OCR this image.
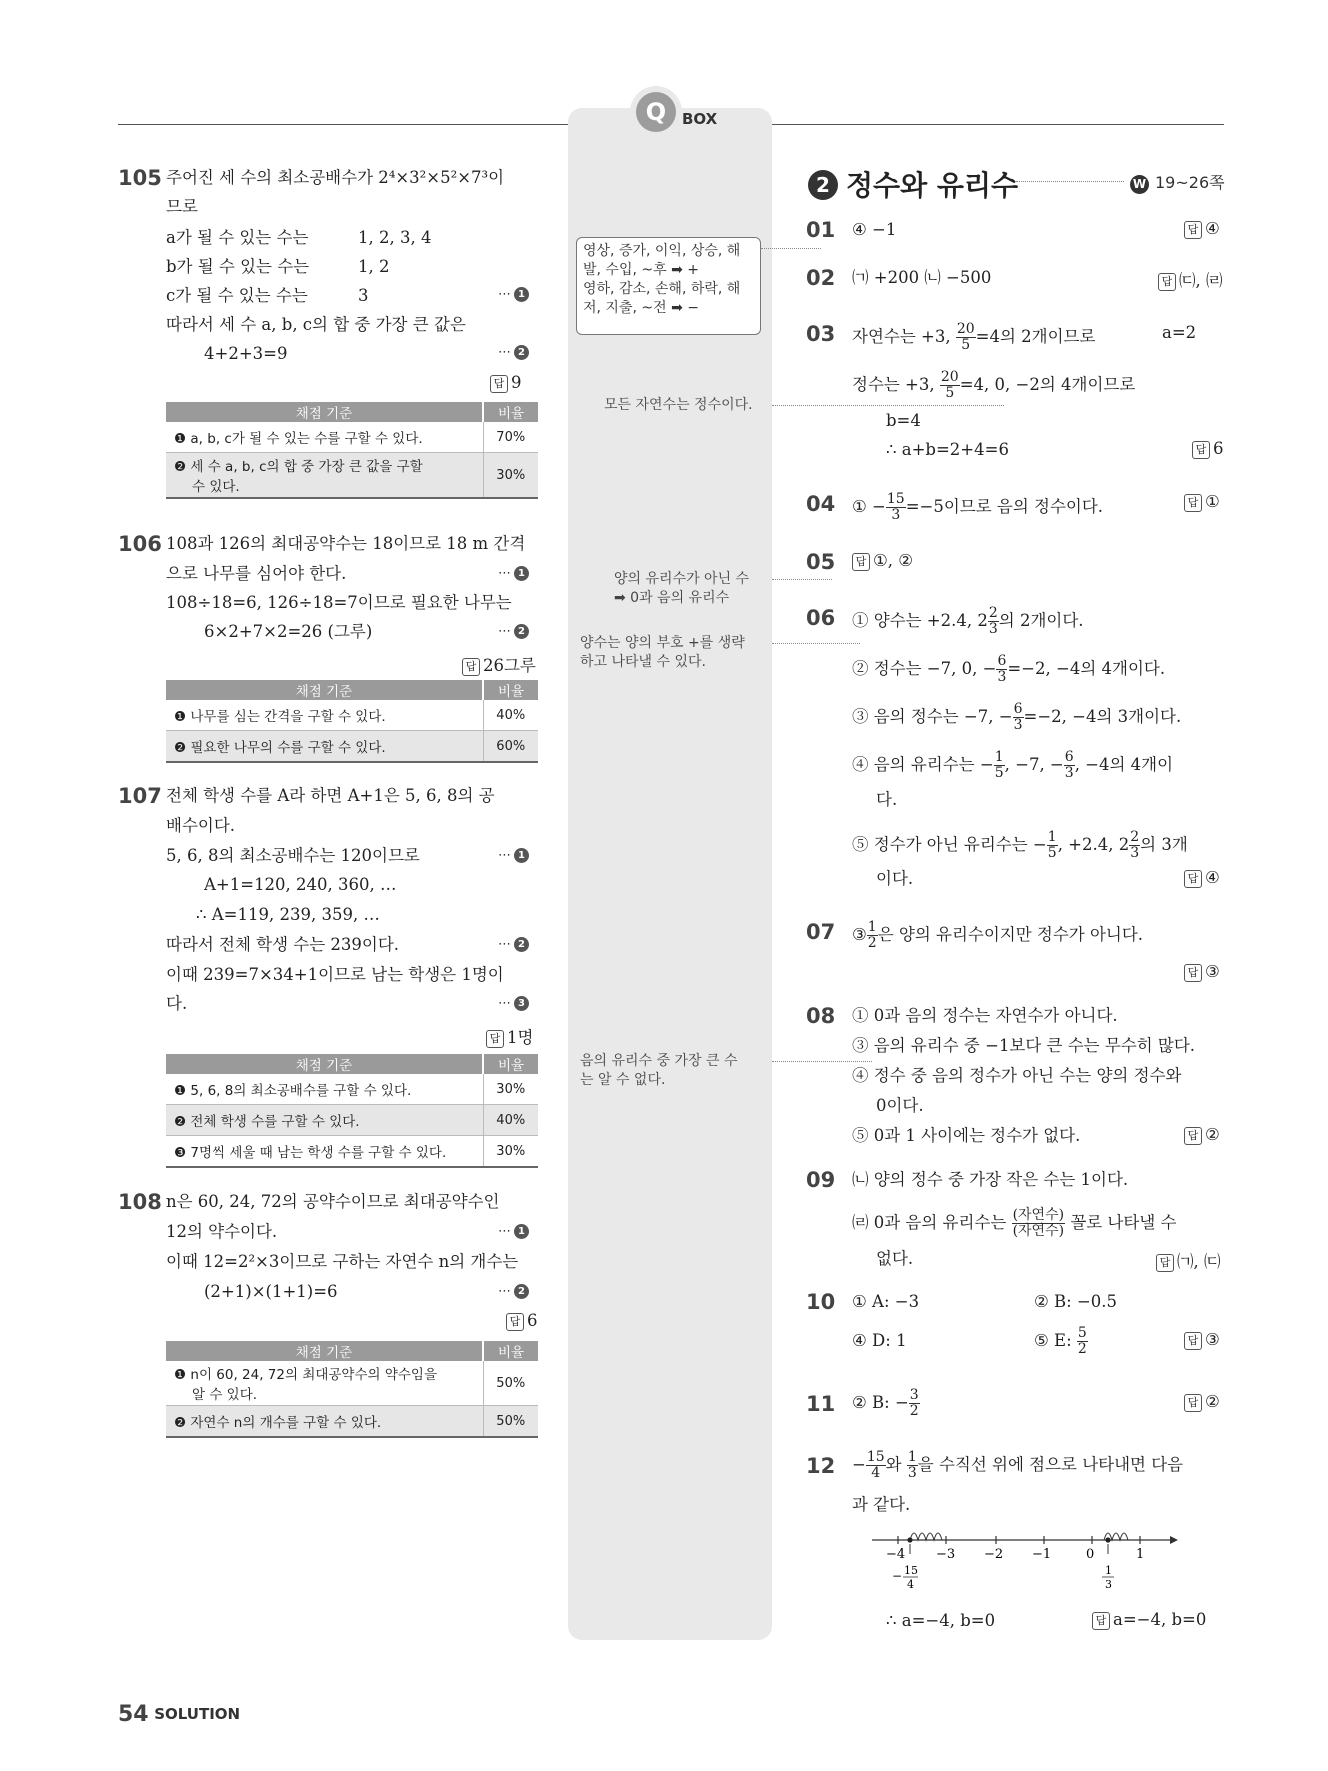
Q	BOX
105 주어진 세 수의 최소공배수가 2⁴×3²×5²×7³이
므로
a가 될 수 있는 수는	1, 2, 3, 4
b가 될 수 있는 수는	1, 2
c가 될 수 있는 수는	3	⋯ 1
따라서 세 수 a, b, c의 합 중 가장 큰 값은
4+2+3=9	⋯ 2
답 9
채점 기준	비율
❶ a, b, c가 될 수 있는 수를 구할 수 있다.	70%
❷ 세 수 a, b, c의 합 중 가장 큰 값을 구할
수 있다.	30%
106 108과 126의 최대공약수는 18이므로 18 m 간격
으로 나무를 심어야 한다.	⋯ 1
108÷18=6, 126÷18=7이므로 필요한 나무는
6×2+7×2=26 (그루)	⋯ 2
답 26그루
채점 기준	비율
❶ 나무를 심는 간격을 구할 수 있다.	40%
❷ 필요한 나무의 수를 구할 수 있다.	60%
107 전체 학생 수를 A라 하면 A+1은 5, 6, 8의 공
배수이다.
5, 6, 8의 최소공배수는 120이므로	⋯ 1
A+1=120, 240, 360, …
∴ A=119, 239, 359, …
따라서 전체 학생 수는 239이다.	⋯ 2
이때 239=7×34+1이므로 남는 학생은 1명이
다.	⋯ 3
답 1명
채점 기준	비율
❶ 5, 6, 8의 최소공배수를 구할 수 있다.	30%
❷ 전체 학생 수를 구할 수 있다.	40%
❸ 7명씩 세울 때 남는 학생 수를 구할 수 있다.	30%
108 n은 60, 24, 72의 공약수이므로 최대공약수인
12의 약수이다.	⋯ 1
이때 12=2²×3이므로 구하는 자연수 n의 개수는
(2+1)×(1+1)=6	⋯ 2
답 6
채점 기준	비율
❶ n이 60, 24, 72의 최대공약수의 약수임을
알 수 있다.	50%
❷ 자연수 n의 개수를 구할 수 있다.	50%
영상, 증가, 이익, 상승, 해
발, 수입, ~후 ➡ +
영하, 감소, 손해, 하락, 해
저, 지출, ~전 ➡ −
모든 자연수는 정수이다.
양의 유리수가 아닌 수
➡ 0과 음의 유리수
양수는 양의 부호 +를 생략
하고 나타낼 수 있다.
음의 유리수 중 가장 큰 수
는 알 수 없다.
2 정수와 유리수	W 19~26쪽
01 ④ −1	답 ④
02 ㈀ +200 ㈁ −500	답 ㈂, ㈃
03 자연수는 +3, $\frac{20}{5} =4$의 2개이므로	a=2
정수는 +3, $\frac{20}{5} =4$, 0, −2의 4개이므로
b=4
∴ a+b=2+4=6	답 6
04 ① − $\frac{15}{3} =-5$이므로 음의 정수이다.	답 ①
05	답 ①, ②
06 ① 양수는 +2.4, $2 \frac{2}{3}$ 의 2개이다.
② 정수는 −7, 0, − $\frac{6}{3} =-2$, −4의 4개이다.
③ 음의 정수는 −7, − $\frac{6}{3} =-2$, −4의 3개이다.
④ 음의 유리수는 − $\frac{1}{5}$ , −7, − $\frac{6}{3}$ , −4의 4개이
다.
⑤ 정수가 아닌 유리수는 − $\frac{1}{5}$ , +2.4, $2 \frac{2}{3}$ 의 3개
이다.	답 ④
07 ③ $\frac{1}{2}$ 은 양의 유리수이지만 정수가 아니다.
답 ③
08 ① 0과 음의 정수는 자연수가 아니다.
③ 음의 유리수 중 −1보다 큰 수는 무수히 많다.
④ 정수 중 음의 정수가 아닌 수는 양의 정수와
0이다.
⑤ 0과 1 사이에는 정수가 없다.	답 ②
09 ㈁ 양의 정수 중 가장 작은 수는 1이다.
㈃ 0과 음의 유리수는 (자연수)
(자연수) 꼴로 나타낼 수
없다.	답 ㈀, ㈂
10 ① A: −3	② B: −0.5
④ D: 1	⑤ E: $\frac{5}{2}$	답 ③
11 ② B: − $\frac{3}{2}$	답 ②
$12 - \frac{15}{4}$ 와 $\frac{1}{3}$ 을 수직선 위에 점으로 나타내면 다음
과 같다.
−4 −3 −2 −1	0	1
− 15
4
1
3
∴ a=−4, b=0	답 a=−4, b=0
54 SOLUTION
